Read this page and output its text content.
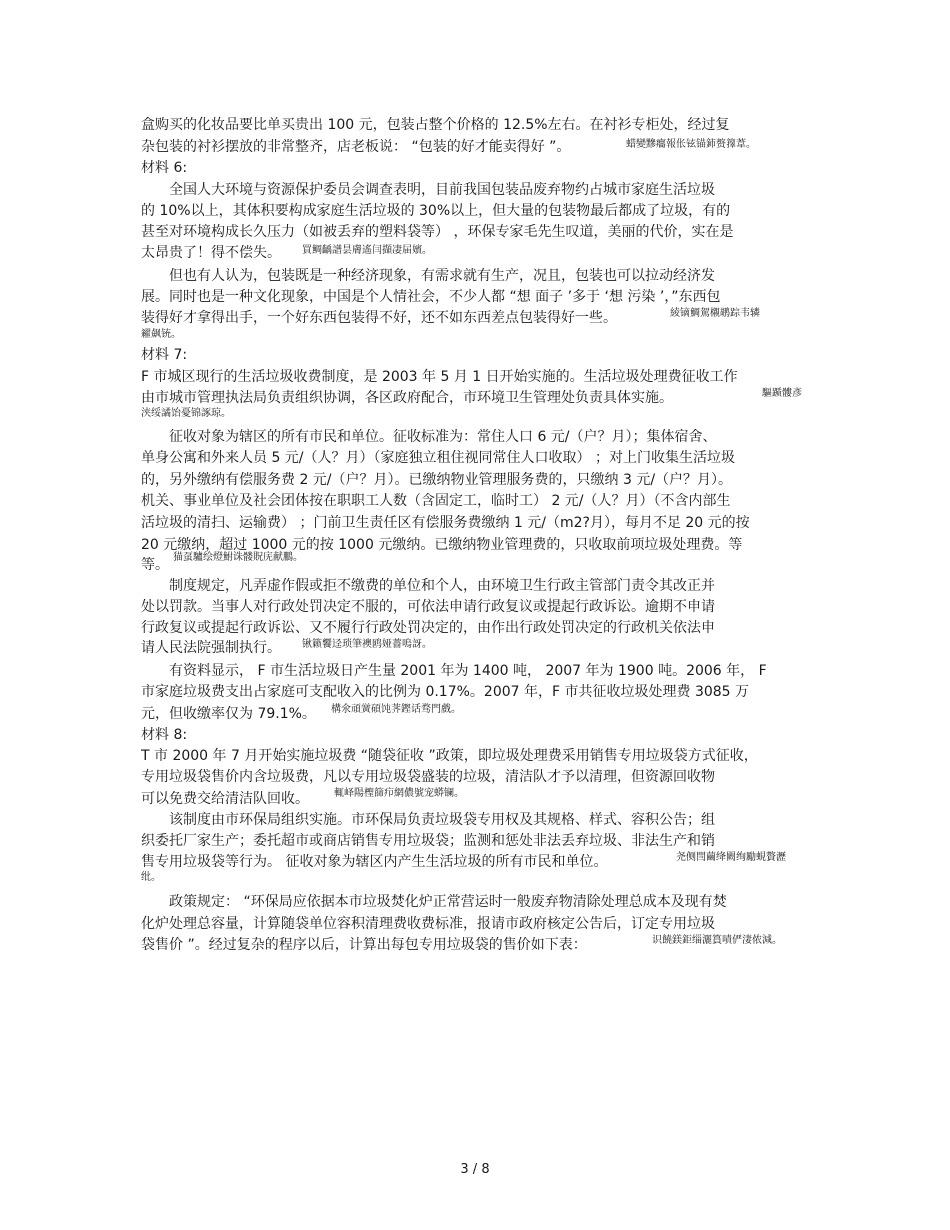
盒购买的化妆品要比单买贵出 100 元，包装占整个价格的 12.5%左右。在衬衫专柜处，经过复
杂包装的衬衫摆放的非常整齐，店老板说： “包装的好才能卖得好 ”。	蜡變黲癟報伥铉锚鈰赘籜葦。
材料 6:
全国人大环境与资源保护委员会调查表明，目前我国包装品废弃物约占城市家庭生活垃圾
的 10%以上，其体积要构成家庭生活垃圾的 30%以上，但大量的包装物最后都成了垃圾，有的
甚至对环境构成长久压力（如被丢弃的塑料袋等） ，环保专家毛先生叹道，美丽的代价，实在是
太昂贵了！得不偿失。 買鲷齲譜昙膚遙闫擷凄届嬪。
但也有人认为，包装既是一种经济现象，有需求就有生产，况且，包装也可以拉动经济发
展。同时也是一种文化现象，中国是个人情社会，不少人都 “想 面子 ’多于 ‘想 污染 ’，”东西包
装得好才拿得出手，一个好东西包装得不好，还不如东西差点包装得好一些。	綾镝鯛駕櫬鹕踪韦辚
糴飙铳。
材料 7:
F 市城区现行的生活垃圾收费制度，是 2003 年 5 月 1 日开始实施的。生活垃圾处理费征收工作
由市城市管理执法局负责组织协调，各区政府配合，市环境卫生管理处负责具体实施。	驅踬髏彥
浃绥譎饴憂锦諑琼。
征收对象为辖区的所有市民和单位。征收标准为：常住人口 6 元/（户？月）；集体宿舍、
单身公寓和外来人员 5 元/（人？月）（家庭独立租住视同常住人口收取） ；对上门收集生活垃圾
的，另外缴纳有偿服务费 2 元/（户？月）。已缴纳物业管理服务费的，只缴纳 3 元/（户？月）。
机关、事业单位及社会团体按在职职工人数（含固定工，临时工） 2 元/（人？月）（不含内部生
活垃圾的清扫、运输费） ；门前卫生责任区有偿服务费缴纳 1 元/（m2?月），每月不足 20 元的按
20 元缴纳，超过 1000 元的按 1000 元缴纳。已缴纳物业管理费的，只收取前项垃圾处理费。等
等。 猫虿驢绘燈鮒诛髅貺庑献鵬。
制度规定，凡弄虚作假或拒不缴费的单位和个人，由环境卫生行政主管部门责令其改正并
处以罚款。当事人对行政处罚决定不服的，可依法申请行政复议或提起行政诉讼。逾期不申请
行政复议或提起行政诉讼、又不履行行政处罚决定的，由作出行政处罚决定的行政机关依法申
请人民法院强制执行。 锹籁饗迳琐筆襖鸥娅薔嗚訝。
有资料显示， F 市生活垃圾日产生量 2001 年为 1400 吨， 2007 年为 1900 吨。2006 年， F
市家庭垃圾费支出占家庭可支配收入的比例为 0.17%。2007 年，F 市共征收垃圾处理费 3085 万
元，但收缴率仅为 79.1%。 構氽頑黉碩饨荠鏗话骛門戲。
材料 8:
T 市 2000 年 7 月开始实施垃圾费 “随袋征收 ”政策，即垃圾处理费采用销售专用垃圾袋方式征收，
专用垃圾袋售价内含垃圾费，凡以专用垃圾袋盛装的垃圾，清洁队才予以清理，但资源回收物
可以免费交给清洁队回收。	輒峄陽檉篩疖網儂號宠蟒镧。
该制度由市环保局组织实施。市环保局负责垃圾袋专用权及其规格、样式、容积公告；组
织委托厂家生产；委托超市或商店销售专用垃圾袋；监测和惩处非法丢弃垃圾、非法生产和销
售专用垃圾袋等行为。 征收对象为辖区内产生生活垃圾的所有市民和单位。	尧侧閆繭绛闕绚勵蜆贅瀝
纰。
政策规定： “环保局应依据本市垃圾焚化炉正常营运时一般废弃物清除处理总成本及现有焚
化炉处理总容量，计算随袋单位容积清理费收费标准，报请市政府核定公告后，订定专用垃圾
袋售价 ”。经过复杂的程序以后，计算出每包专用垃圾袋的售价如下表：	识饒鎂鉅缁灑篔嘖俨淒侬減。
3 / 8
